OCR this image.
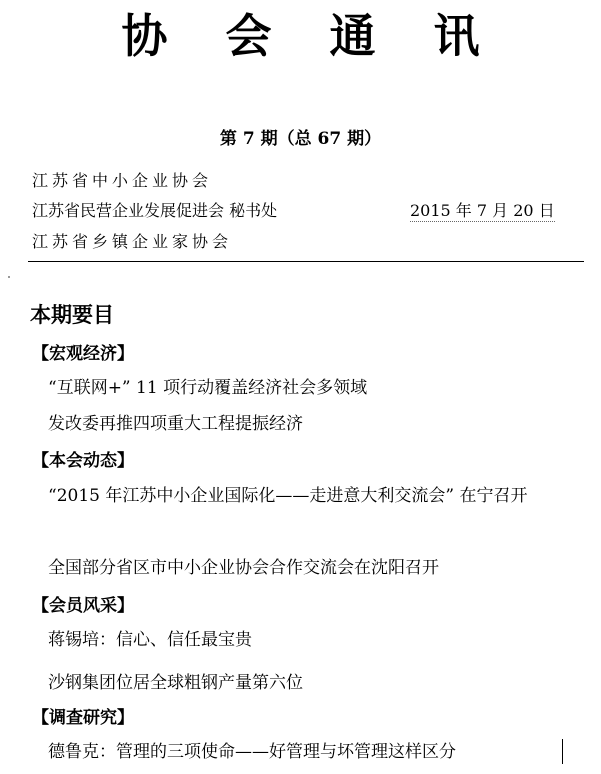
协会通讯
第 7 期（总 67 期）
江苏省中小企业协会
江苏省民营企业发展促进会 秘书处
江苏省乡镇企业家协会
2015 年 7 月 20 日
本期要目
【宏观经济】
“互联网+” 11 项行动覆盖经济社会多领域
发改委再推四项重大工程提振经济
【本会动态】
“2015 年江苏中小企业国际化——走进意大利交流会” 在宁召开
全国部分省区市中小企业协会合作交流会在沈阳召开
【会员风采】
蒋锡培：信心、信任最宝贵
沙钢集团位居全球粗钢产量第六位
【调查研究】
德鲁克：管理的三项使命——好管理与坏管理这样区分
